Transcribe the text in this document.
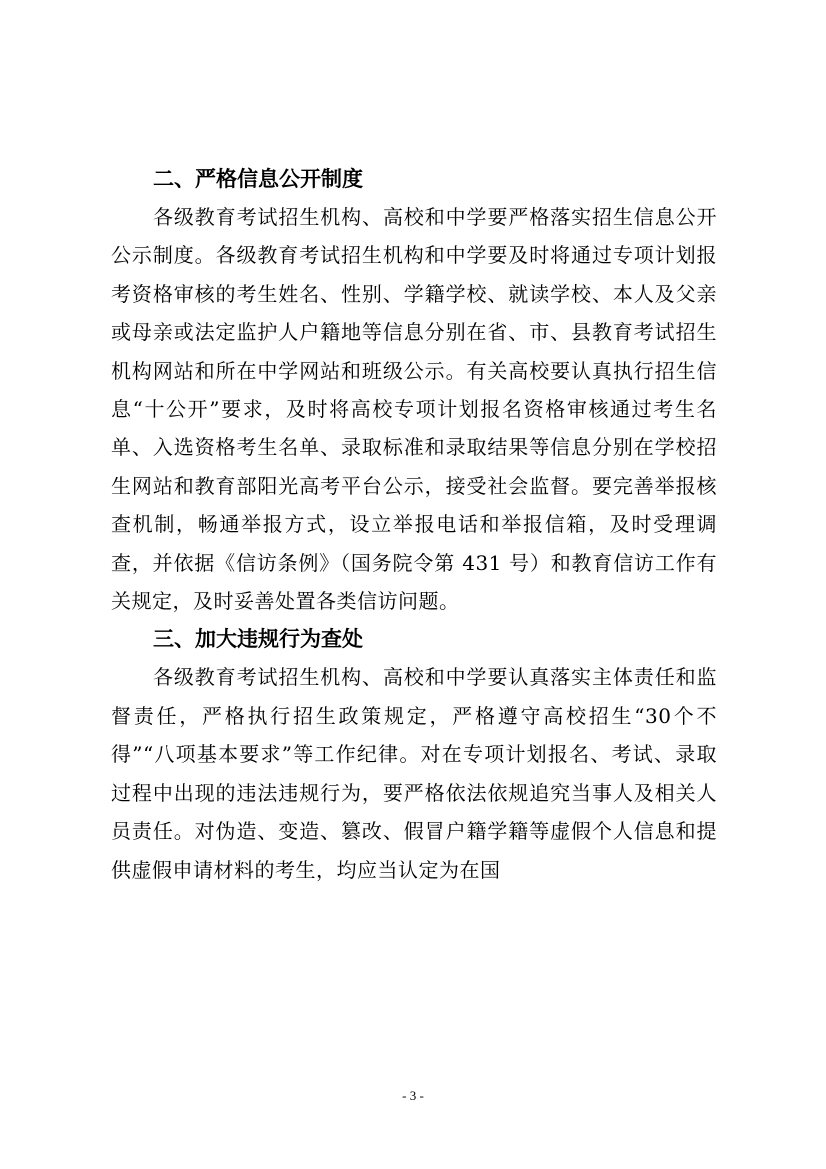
二、严格信息公开制度

各级教育考试招生机构、高校和中学要严格落实招生信息公开公示制度。各级教育考试招生机构和中学要及时将通过专项计划报考资格审核的考生姓名、性别、学籍学校、就读学校、本人及父亲或母亲或法定监护人户籍地等信息分别在省、市、县教育考试招生机构网站和所在中学网站和班级公示。有关高校要认真执行招生信息“十公开”要求，及时将高校专项计划报名资格审核通过考生名单、入选资格考生名单、录取标准和录取结果等信息分别在学校招生网站和教育部阳光高考平台公示，接受社会监督。要完善举报核查机制，畅通举报方式，设立举报电话和举报信箱，及时受理调查，并依据《信访条例》（国务院令第 431 号）和教育信访工作有关规定，及时妥善处置各类信访问题。

三、加大违规行为查处

各级教育考试招生机构、高校和中学要认真落实主体责任和监督责任，严格执行招生政策规定，严格遵守高校招生“30个不得”“八项基本要求”等工作纪律。对在专项计划报名、考试、录取过程中出现的违法违规行为，要严格依法依规追究当事人及相关人员责任。对伪造、变造、篡改、假冒户籍学籍等虚假个人信息和提供虚假申请材料的考生，均应当认定为在国

- 3 -
